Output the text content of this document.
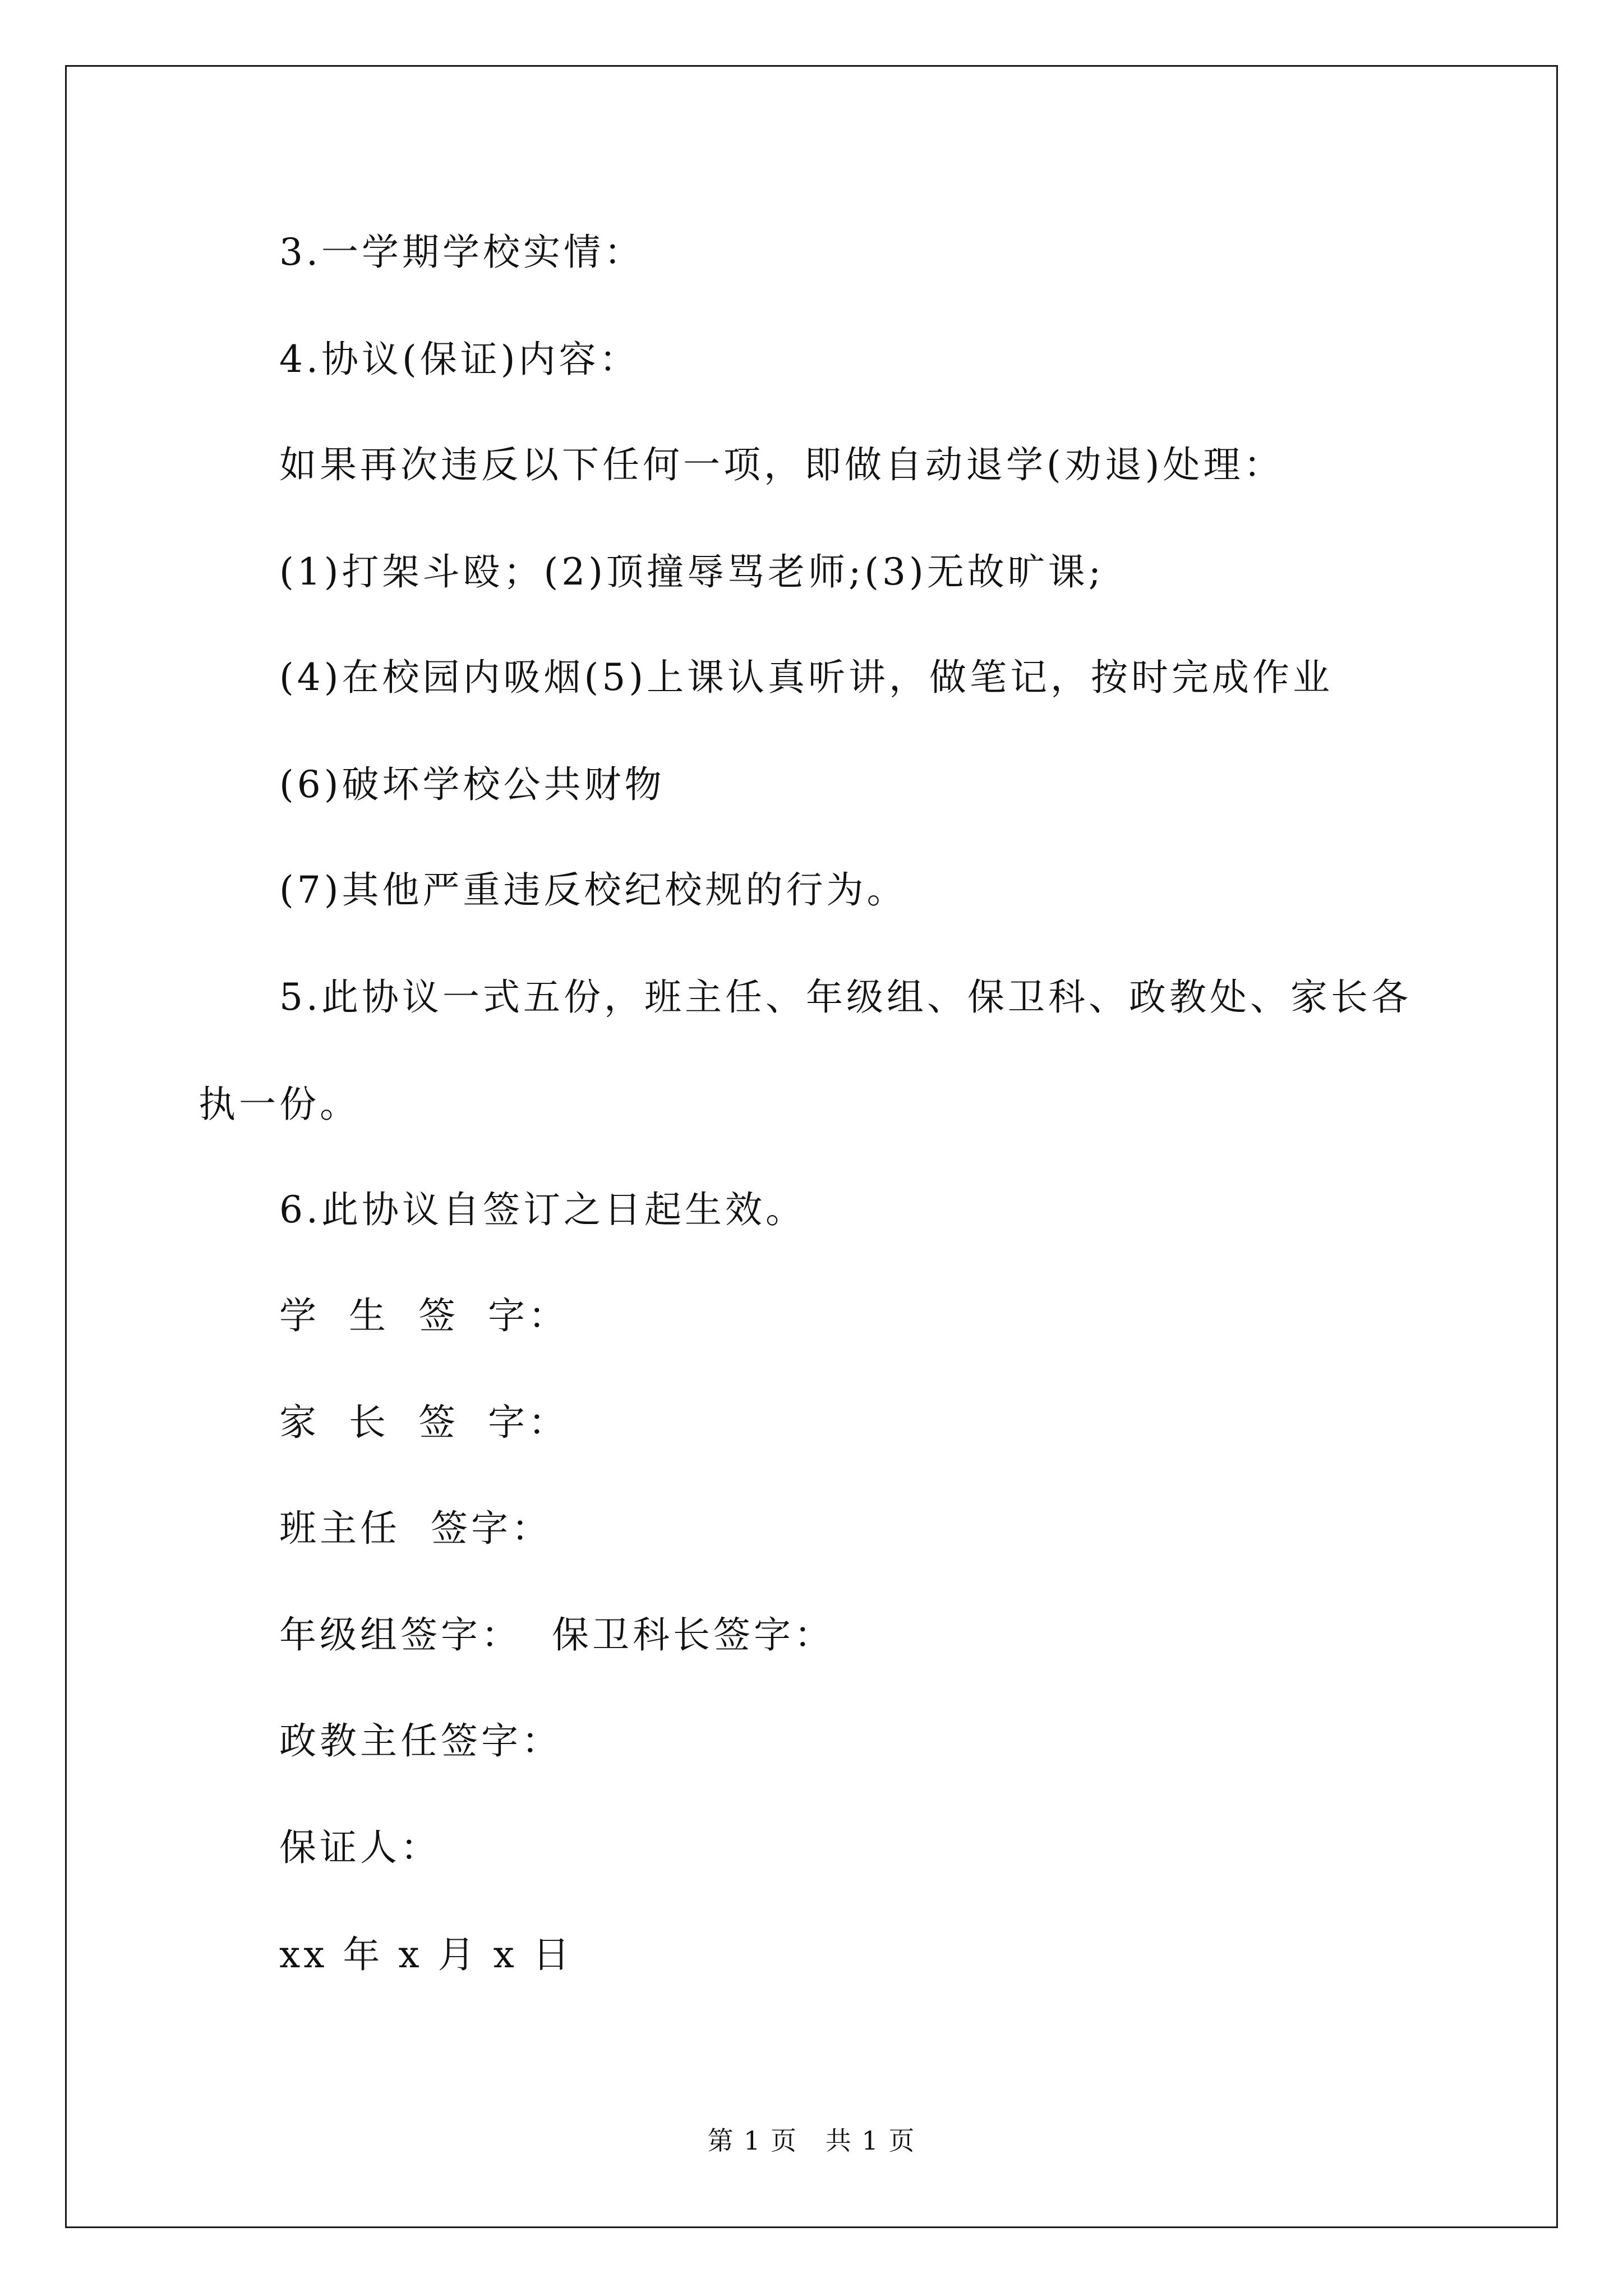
3.一学期学校实情：
4.协议(保证)内容：
如果再次违反以下任何一项，即做自动退学(劝退)处理：
(1)打架斗殴；(2)顶撞辱骂老师;(3)无故旷课;
(4)在校园内吸烟(5)上课认真听讲，做笔记，按时完成作业
(6)破坏学校公共财物
(7)其他严重违反校纪校规的行为。
5.此协议一式五份，班主任、年级组、保卫科、政教处、家长各
执一份。
6.此协议自签订之日起生效。
学 生 签 字：
家 长 签 字：
班主任  签字：
年级组签字：  保卫科长签字：
政教主任签字：
保证人：
xx 年 x 月 x 日
第 1 页   共 1 页
